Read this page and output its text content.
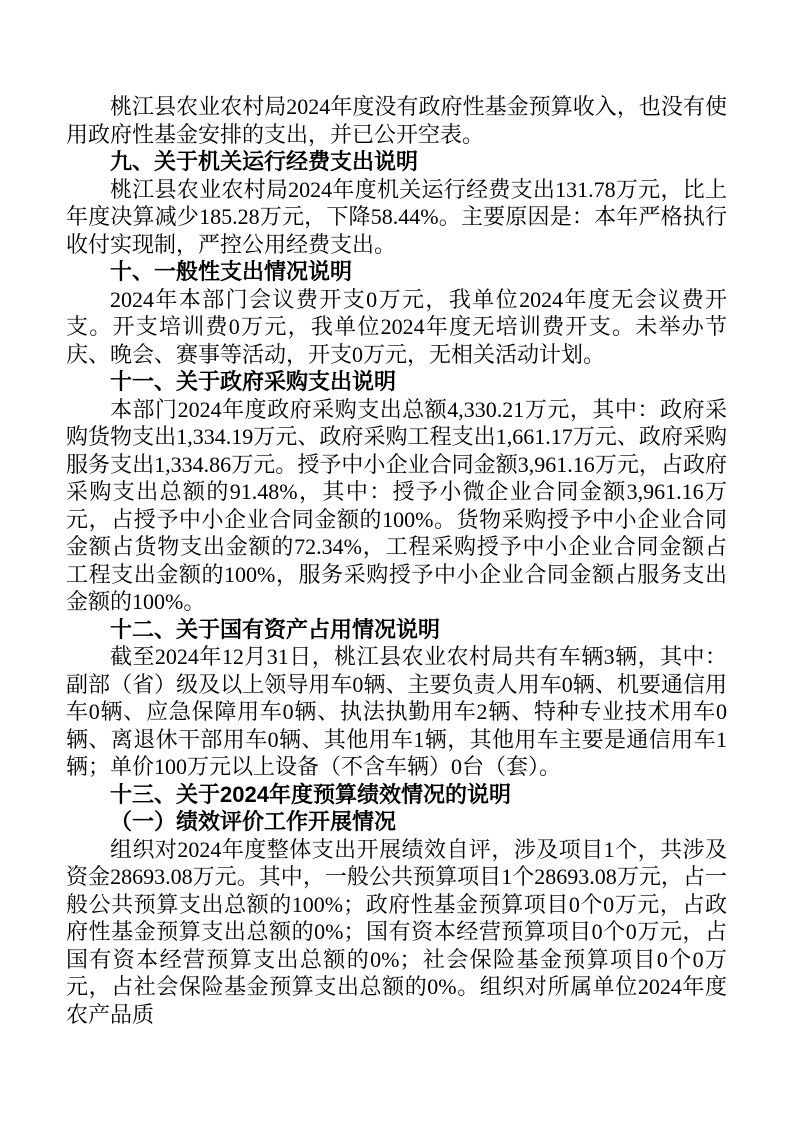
桃江县农业农村局2024年度没有政府性基金预算收入，也没有使用政府性基金安排的支出，并已公开空表。

九、关于机关运行经费支出说明

桃江县农业农村局2024年度机关运行经费支出131.78万元，比上年度决算减少185.28万元，下降58.44%。主要原因是：本年严格执行收付实现制，严控公用经费支出。

十、一般性支出情况说明

2024年本部门会议费开支0万元，我单位2024年度无会议费开支。开支培训费0万元，我单位2024年度无培训费开支。未举办节庆、晚会、赛事等活动，开支0万元，无相关活动计划。

十一、关于政府采购支出说明

本部门2024年度政府采购支出总额4,330.21万元，其中：政府采购货物支出1,334.19万元、政府采购工程支出1,661.17万元、政府采购服务支出1,334.86万元。授予中小企业合同金额3,961.16万元，占政府采购支出总额的91.48%，其中：授予小微企业合同金额3,961.16万元，占授予中小企业合同金额的100%。货物采购授予中小企业合同金额占货物支出金额的72.34%，工程采购授予中小企业合同金额占工程支出金额的100%，服务采购授予中小企业合同金额占服务支出金额的100%。

十二、关于国有资产占用情况说明

截至2024年12月31日，桃江县农业农村局共有车辆3辆，其中：副部（省）级及以上领导用车0辆、主要负责人用车0辆、机要通信用车0辆、应急保障用车0辆、执法执勤用车2辆、特种专业技术用车0辆、离退休干部用车0辆、其他用车1辆，其他用车主要是通信用车1辆；单价100万元以上设备（不含车辆）0台（套）。

十三、关于2024年度预算绩效情况的说明
（一）绩效评价工作开展情况

组织对2024年度整体支出开展绩效自评，涉及项目1个，共涉及资金28693.08万元。其中，一般公共预算项目1个28693.08万元，占一般公共预算支出总额的100%；政府性基金预算项目0个0万元，占政府性基金预算支出总额的0%；国有资本经营预算项目0个0万元，占国有资本经营预算支出总额的0%；社会保险基金预算项目0个0万元，占社会保险基金预算支出总额的0%。组织对所属单位2024年度农产品质
